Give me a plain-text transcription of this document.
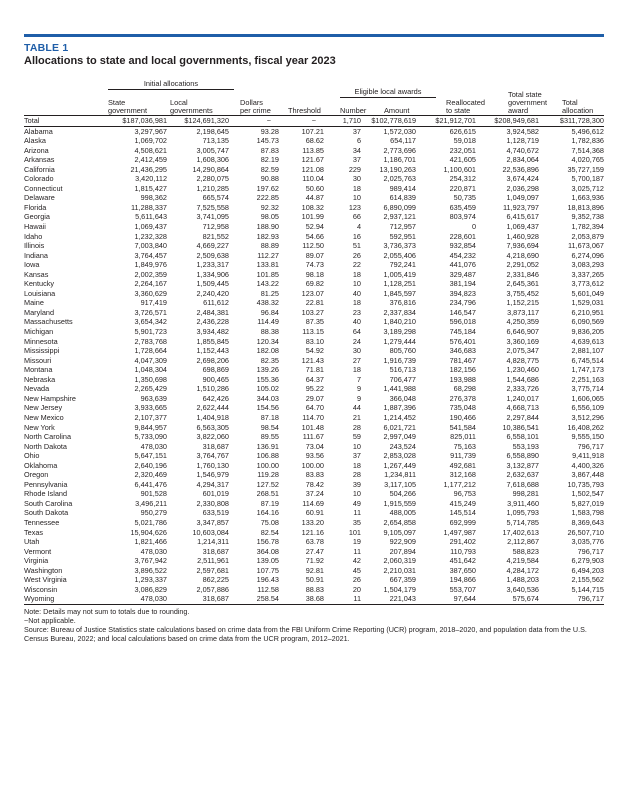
TABLE 1
Allocations to state and local governments, fiscal year 2023
Initial allocations
State
government
Local
governments
Dollars
per crime	Threshold
Eligible local awards
Number	Amount
Reallocated
to state
Total state
government
award
Total
allocation
Total	$187,036,981	$124,691,320	~	~	1,710	$102,778,619	$21,912,701	$208,949,681	$311,728,300
Alabama	3,297,967	2,198,645	93.28	107.21	37	1,572,030	626,615	3,924,582	5,496,612
Alaska	1,069,702	713,135	145.73	68.62	6	654,117	59,018	1,128,719	1,782,836
Arizona	4,508,621	3,005,747	87.83	113.85	34	2,773,696	232,051	4,740,672	7,514,368
Arkansas	2,412,459	1,608,306	82.19	121.67	37	1,186,701	421,605	2,834,064	4,020,765
California	21,436,295	14,290,864	82.59	121.08	229	13,190,263	1,100,601	22,536,896	35,727,159
Colorado	3,420,112	2,280,075	90.88	110.04	30	2,025,763	254,312	3,674,424	5,700,187
Connecticut	1,815,427	1,210,285	197.62	50.60	18	989,414	220,871	2,036,298	3,025,712
Delaware	998,362	665,574	222.85	44.87	10	614,839	50,735	1,049,097	1,663,936
Florida	11,288,337	7,525,558	92.32	108.32	123	6,890,099	635,459	11,923,797	18,813,896
Georgia	5,611,643	3,741,095	98.05	101.99	66	2,937,121	803,974	6,415,617	9,352,738
Hawaii	1,069,437	712,958	188.90	52.94	4	712,957	0	1,069,437	1,782,394
Idaho	1,232,328	821,552	182.93	54.66	16	592,951	228,601	1,460,928	2,053,879
Illinois	7,003,840	4,669,227	88.89	112.50	51	3,736,373	932,854	7,936,694	11,673,067
Indiana	3,764,457	2,509,638	112.27	89.07	26	2,055,406	454,232	4,218,690	6,274,096
Iowa	1,849,976	1,233,317	133.81	74.73	22	792,241	441,076	2,291,052	3,083,293
Kansas	2,002,359	1,334,906	101.85	98.18	18	1,005,419	329,487	2,331,846	3,337,265
Kentucky	2,264,167	1,509,445	143.22	69.82	10	1,128,251	381,194	2,645,361	3,773,612
Louisiana	3,360,629	2,240,420	81.25	123.07	40	1,845,597	394,823	3,755,452	5,601,049
Maine	917,419	611,612	438.32	22.81	18	376,816	234,796	1,152,215	1,529,031
Maryland	3,726,571	2,484,381	96.84	103.27	23	2,337,834	146,547	3,873,117	6,210,951
Massachusetts	3,654,342	2,436,228	114.49	87.35	40	1,840,210	596,018	4,250,359	6,090,569
Michigan	5,901,723	3,934,482	88.38	113.15	64	3,189,298	745,184	6,646,907	9,836,205
Minnesota	2,783,768	1,855,845	120.34	83.10	24	1,279,444	576,401	3,360,169	4,639,613
Mississippi	1,728,664	1,152,443	182.08	54.92	30	805,760	346,683	2,075,347	2,881,107
Missouri	4,047,309	2,698,206	82.35	121.43	27	1,916,739	781,467	4,828,775	6,745,514
Montana	1,048,304	698,869	139.26	71.81	18	516,713	182,156	1,230,460	1,747,173
Nebraska	1,350,698	900,465	155.36	64.37	7	706,477	193,988	1,544,686	2,251,163
Nevada	2,265,429	1,510,286	105.02	95.22	9	1,441,988	68,298	2,333,726	3,775,714
New Hampshire	963,639	642,426	344.03	29.07	9	366,048	276,378	1,240,017	1,606,065
New Jersey	3,933,665	2,622,444	154.56	64.70	44	1,887,396	735,048	4,668,713	6,556,109
New Mexico	2,107,377	1,404,918	87.18	114.70	21	1,214,452	190,466	2,297,844	3,512,296
New York	9,844,957	6,563,305	98.54	101.48	28	6,021,721	541,584	10,386,541	16,408,262
North Carolina	5,733,090	3,822,060	89.55	111.67	59	2,997,049	825,011	6,558,101	9,555,150
North Dakota	478,030	318,687	136.91	73.04	10	243,524	75,163	553,193	796,717
Ohio	5,647,151	3,764,767	106.88	93.56	37	2,853,028	911,739	6,558,890	9,411,918
Oklahoma	2,640,196	1,760,130	100.00	100.00	18	1,267,449	492,681	3,132,877	4,400,326
Oregon	2,320,469	1,546,979	119.28	83.83	28	1,234,811	312,168	2,632,637	3,867,448
Pennsylvania	6,441,476	4,294,317	127.52	78.42	39	3,117,105	1,177,212	7,618,688	10,735,793
Rhode Island	901,528	601,019	268.51	37.24	10	504,266	96,753	998,281	1,502,547
South Carolina	3,496,211	2,330,808	87.19	114.69	49	1,915,559	415,249	3,911,460	5,827,019
South Dakota	950,279	633,519	164.16	60.91	11	488,005	145,514	1,095,793	1,583,798
Tennessee	5,021,786	3,347,857	75.08	133.20	35	2,654,858	692,999	5,714,785	8,369,643
Texas	15,904,626	10,603,084	82.54	121.16	101	9,105,097	1,497,987	17,402,613	26,507,710
Utah	1,821,466	1,214,311	156.78	63.78	19	922,909	291,402	2,112,867	3,035,776
Vermont	478,030	318,687	364.08	27.47	11	207,894	110,793	588,823	796,717
Virginia	3,767,942	2,511,961	139.05	71.92	42	2,060,319	451,642	4,219,584	6,279,903
Washington	3,896,522	2,597,681	107.75	92.81	45	2,210,031	387,650	4,284,172	6,494,203
West Virginia	1,293,337	862,225	196.43	50.91	26	667,359	194,866	1,488,203	2,155,562
Wisconsin	3,086,829	2,057,886	112.58	88.83	20	1,504,179	553,707	3,640,536	5,144,715
Wyoming	478,030	318,687	258.54	38.68	11	221,043	97,644	575,674	796,717
Note: Details may not sum to totals due to rounding.
~Not applicable.
Source: Bureau of Justice Statistics state calculations based on crime data from the FBI Uniform Crime Reporting (UCR) program, 2018–2020, and population data from the U.S. Census Bureau, 2022; and local calculations based on crime data from the UCR program, 2012–2021.
